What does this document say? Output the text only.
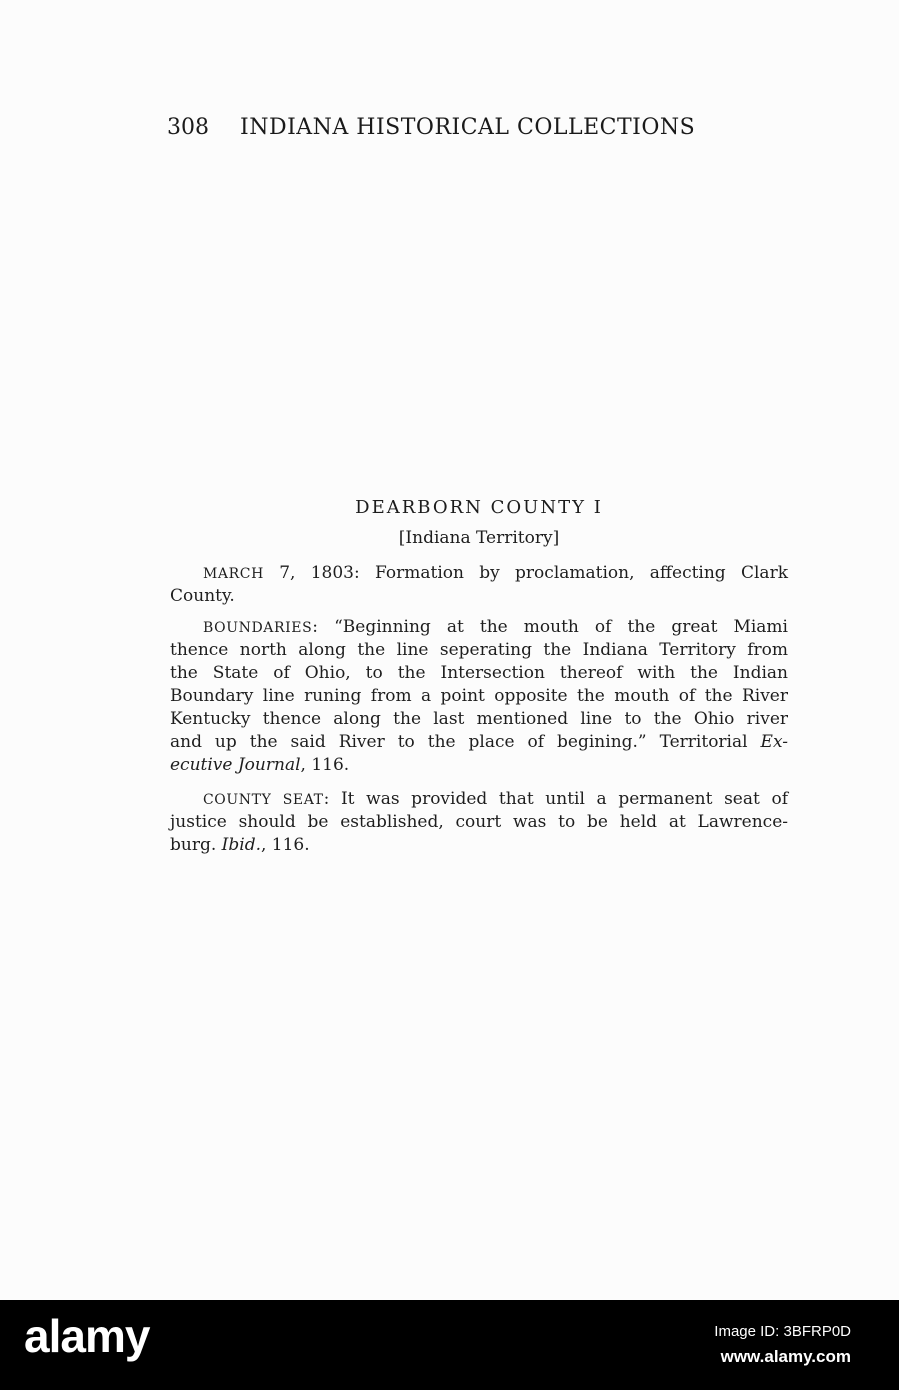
308 INDIANA HISTORICAL COLLECTIONS
DEARBORN COUNTY I
[Indiana Territory]
MARCH 7, 1803: Formation by proclamation, affecting Clark
County.
BOUNDARIES: “Beginning at the mouth of the great Miami
thence north along the line seperating the Indiana Territory from
the State of Ohio, to the Intersection thereof with the Indian
Boundary line runing from a point opposite the mouth of the River
Kentucky thence along the last mentioned line to the Ohio river
and up the said River to the place of begining.” Territorial Ex-
ecutive Journal, 116.
COUNTY SEAT: It was provided that until a permanent seat of
justice should be established, court was to be held at Lawrence-
burg. Ibid., 116.
alamy	Image ID: 3BFRP0D
www.alamy.com
